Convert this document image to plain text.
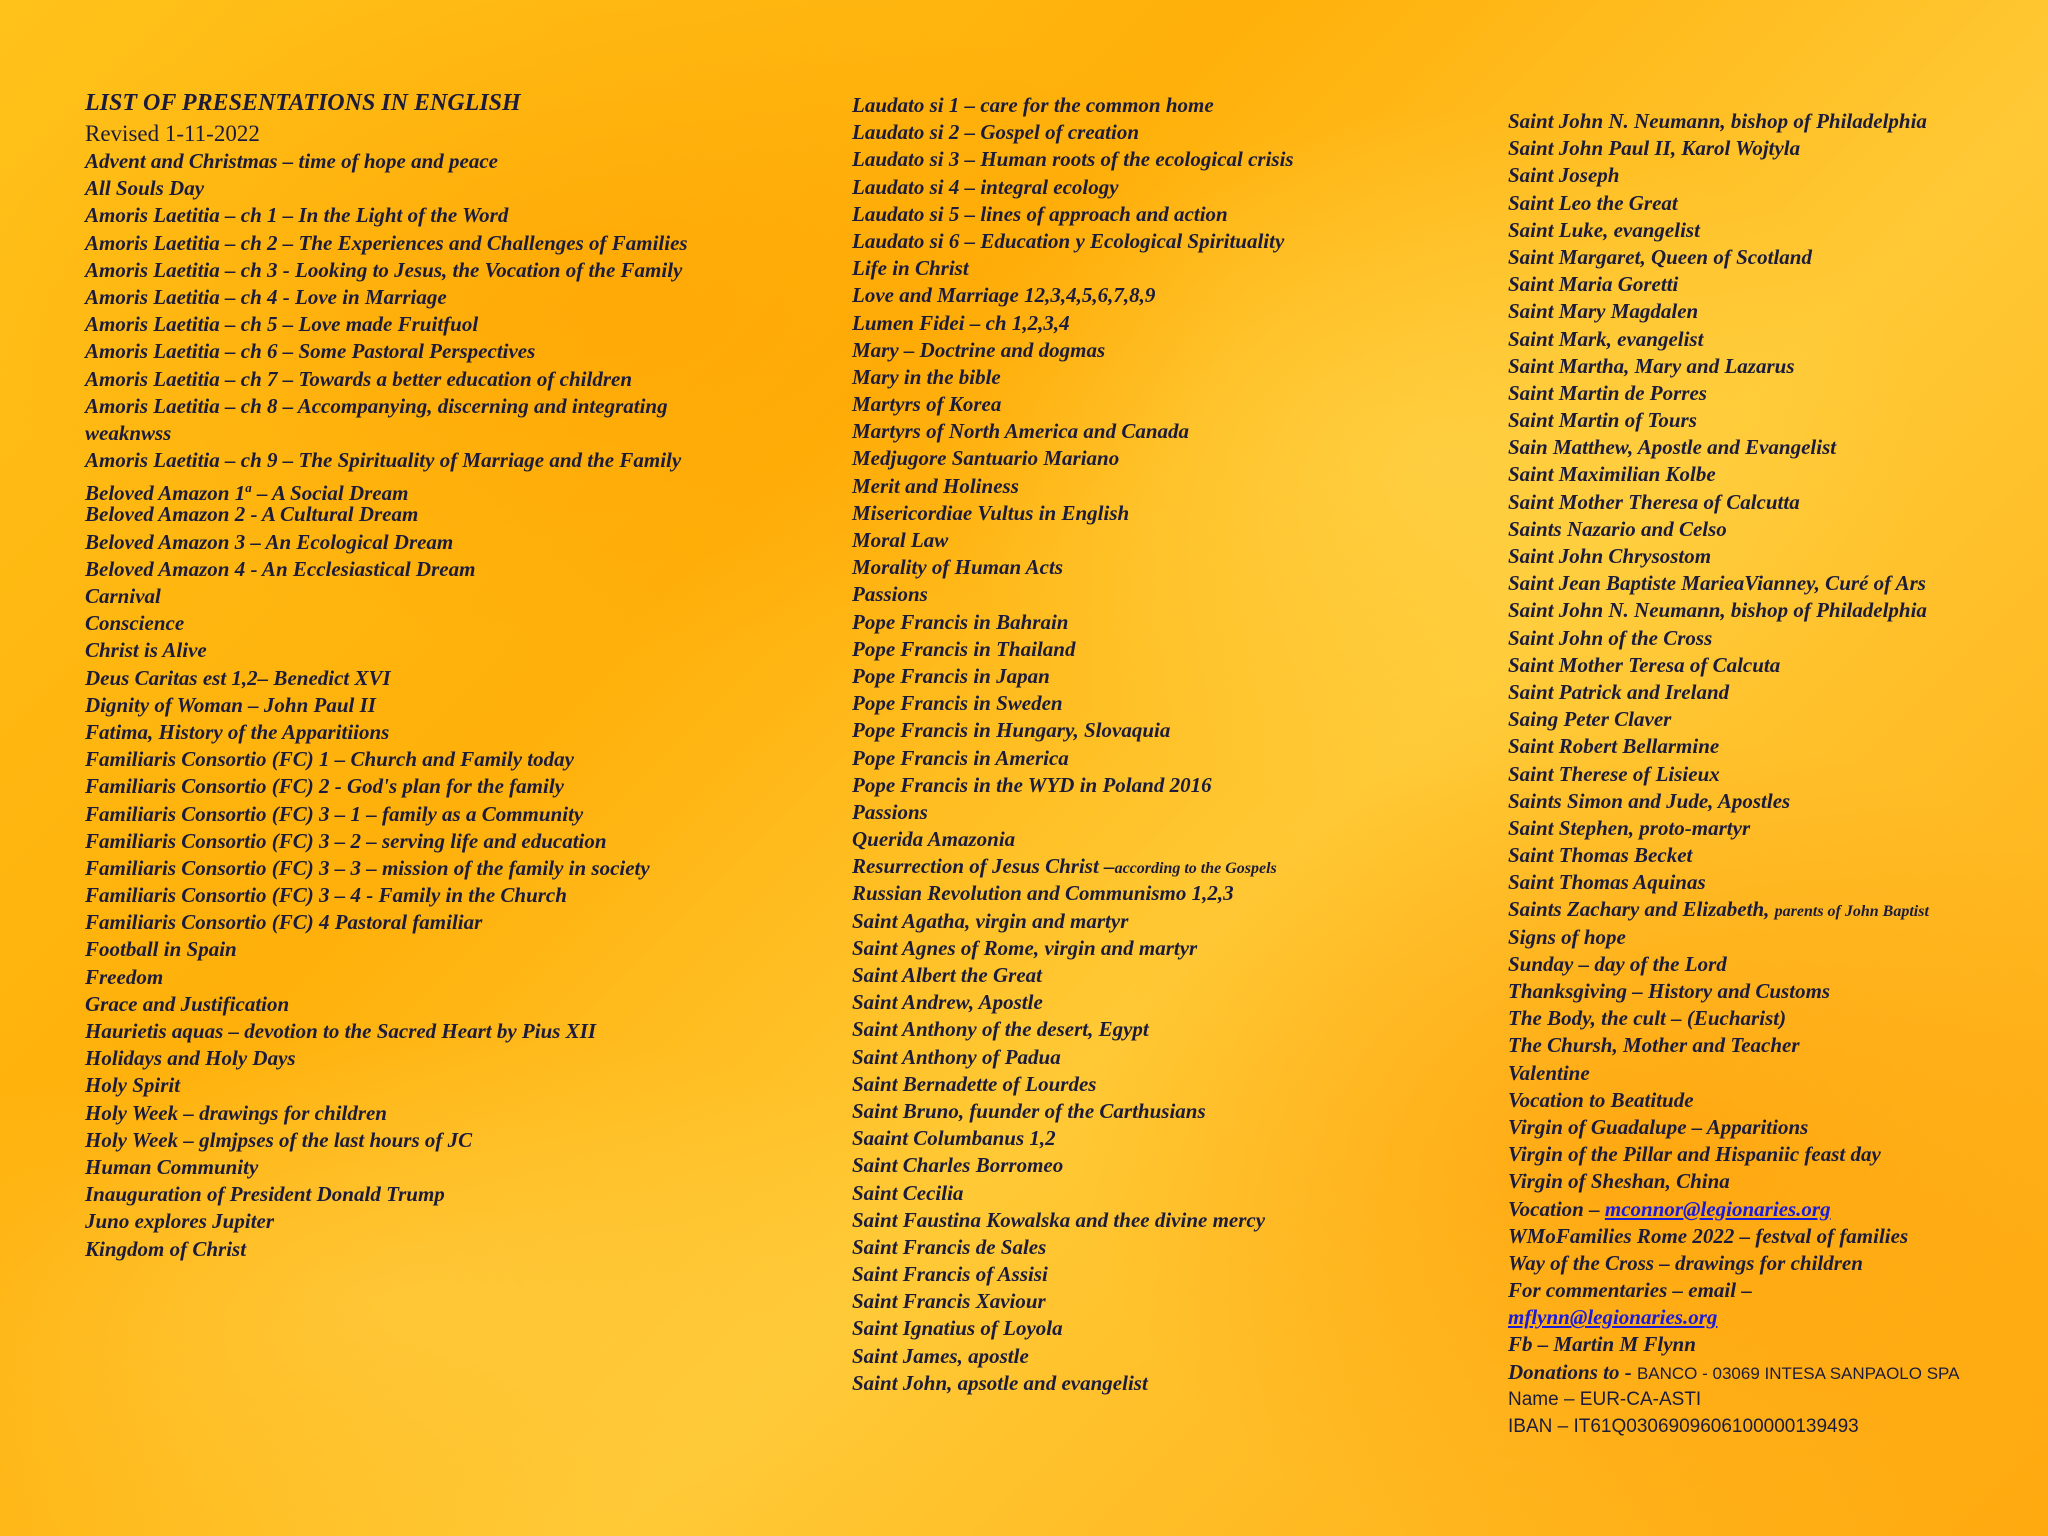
LIST OF PRESENTATIONS IN ENGLISH
Revised 1-11-2022
Advent and Christmas – time of hope and peace
All Souls Day
Amoris Laetitia – ch 1 – In the Light of the Word
Amoris Laetitia – ch 2 – The Experiences and Challenges of Families
Amoris Laetitia – ch 3 - Looking to Jesus, the Vocation of the Family
Amoris Laetitia – ch 4 - Love in Marriage
Amoris Laetitia – ch 5 – Love made Fruitfuol
Amoris Laetitia – ch 6 – Some Pastoral Perspectives
Amoris Laetitia – ch 7 – Towards a better education of children
Amoris Laetitia – ch 8 – Accompanying, discerning and integrating
weaknwss
Amoris Laetitia – ch 9 – The Spirituality of Marriage and the Family
Beloved Amazon 1$^a$ – A Social Dream
Beloved Amazon 2 - A Cultural Dream
Beloved Amazon 3 – An Ecological Dream
Beloved Amazon 4 - An Ecclesiastical Dream
Carnival
Conscience
Christ is Alive
Deus Caritas est 1,2– Benedict XVI
Dignity of Woman – John Paul II
Fatima, History of the Apparitiions
Familiaris Consortio (FC) 1 – Church and Family today
Familiaris Consortio (FC) 2 - God's plan for the family
Familiaris Consortio (FC) 3 – 1 – family as a Community
Familiaris Consortio (FC) 3 – 2 – serving life and education
Familiaris Consortio (FC) 3 – 3 – mission of the family in society
Familiaris Consortio (FC) 3 – 4 - Family in the Church
Familiaris Consortio (FC) 4 Pastoral familiar
Football in Spain
Freedom
Grace and Justification
Haurietis aquas – devotion to the Sacred Heart by Pius XII
Holidays and Holy Days
Holy Spirit
Holy Week – drawings for children
Holy Week – glmjpses of the last hours of JC
Human Community
Inauguration of President Donald Trump
Juno explores Jupiter
Kingdom of Christ
Laudato si 1 – care for the common home
Laudato si 2 – Gospel of creation
Laudato si 3 – Human roots of the ecological crisis
Laudato si 4 – integral ecology
Laudato si 5 – lines of approach and action
Laudato si 6 – Education y Ecological Spirituality
Life in Christ
Love and Marriage 12,3,4,5,6,7,8,9
Lumen Fidei – ch 1,2,3,4
Mary – Doctrine and dogmas
Mary in the bible
Martyrs of Korea
Martyrs of North America and Canada
Medjugore Santuario Mariano
Merit and Holiness
Misericordiae Vultus in English
Moral Law
Morality of Human Acts
Passions
Pope Francis in Bahrain
Pope Francis in Thailand
Pope Francis in Japan
Pope Francis in Sweden
Pope Francis in Hungary, Slovaquia
Pope Francis in America
Pope Francis in the WYD in Poland 2016
Passions
Querida Amazonia
Resurrection of Jesus Christ –according to the Gospels
Russian Revolution and Communismo 1,2,3
Saint Agatha, virgin and martyr
Saint Agnes of Rome, virgin and martyr
Saint Albert the Great
Saint Andrew, Apostle
Saint Anthony of the desert, Egypt
Saint Anthony of Padua
Saint Bernadette of Lourdes
Saint Bruno, fuunder of the Carthusians
Saaint Columbanus 1,2
Saint Charles Borromeo
Saint Cecilia
Saint Faustina Kowalska and thee divine mercy
Saint Francis de Sales
Saint Francis of Assisi
Saint Francis Xaviour
Saint Ignatius of Loyola
Saint James, apostle
Saint John, apsotle and evangelist
Saint John N. Neumann, bishop of Philadelphia
Saint John Paul II, Karol Wojtyla
Saint Joseph
Saint Leo the Great
Saint Luke, evangelist
Saint Margaret, Queen of Scotland
Saint Maria Goretti
Saint Mary Magdalen
Saint Mark, evangelist
Saint Martha, Mary and Lazarus
Saint Martin de Porres
Saint Martin of Tours
Sain Matthew, Apostle and Evangelist
Saint Maximilian Kolbe
Saint Mother Theresa of Calcutta
Saints Nazario and Celso
Saint John Chrysostom
Saint Jean Baptiste MarieaVianney, Curé of Ars
Saint John N. Neumann, bishop of Philadelphia
Saint John of the Cross
Saint Mother Teresa of Calcuta
Saint Patrick and Ireland
Saing Peter Claver
Saint Robert Bellarmine
Saint Therese of Lisieux
Saints Simon and Jude, Apostles
Saint Stephen, proto-martyr
Saint Thomas Becket
Saint Thomas Aquinas
Saints Zachary and Elizabeth, parents of John Baptist
Signs of hope
Sunday – day of the Lord
Thanksgiving – History and Customs
The Body, the cult – (Eucharist)
The Chursh, Mother and Teacher
Valentine
Vocation to Beatitude
Virgin of Guadalupe – Apparitions
Virgin of the Pillar and Hispaniic feast day
Virgin of Sheshan, China
Vocation – mconnor@legionaries.org
WMoFamilies Rome 2022 – festval of families
Way of the Cross – drawings for children
For commentaries – email –
mflynn@legionaries.org
Fb – Martin M Flynn
Donations to - BANCO - 03069 INTESA SANPAOLO SPA
Name – EUR-CA-ASTI
IBAN – IT61Q0306909606100000139493
